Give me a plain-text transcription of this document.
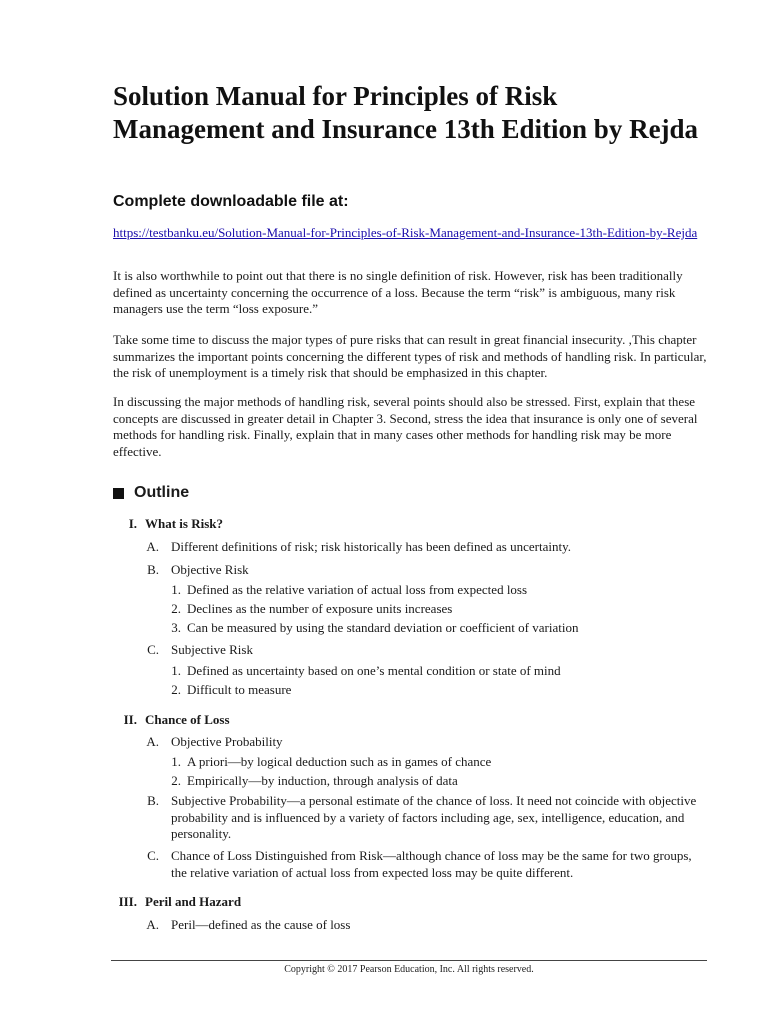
Solution Manual for Principles of Risk Management and Insurance 13th Edition by Rejda
Complete downloadable file at:
https://testbanku.eu/Solution-Manual-for-Principles-of-Risk-Management-and-Insurance-13th-Edition-by-Rejda

It is also worthwhile to point out that there is no single definition of risk. However, risk has been traditionally defined as uncertainty concerning the occurrence of a loss. Because the term “risk” is ambiguous, many risk managers use the term “loss exposure.”

Take some time to discuss the major types of pure risks that can result in great financial insecurity. ,This chapter summarizes the important points concerning the different types of risk and methods of handling risk. In particular, the risk of unemployment is a timely risk that should be emphasized in this chapter.

In discussing the major methods of handling risk, several points should also be stressed. First, explain that these concepts are discussed in greater detail in Chapter 3. Second, stress the idea that insurance is only one of several methods for handling risk. Finally, explain that in many cases other methods for handling risk may be more effective.

Outline
I. What is Risk?
A. Different definitions of risk; risk historically has been defined as uncertainty.
B. Objective Risk
1. Defined as the relative variation of actual loss from expected loss
2. Declines as the number of exposure units increases
3. Can be measured by using the standard deviation or coefficient of variation
C. Subjective Risk
1. Defined as uncertainty based on one’s mental condition or state of mind
2. Difficult to measure
II. Chance of Loss
A. Objective Probability
1. A priori—by logical deduction such as in games of chance
2. Empirically—by induction, through analysis of data
B. Subjective Probability—a personal estimate of the chance of loss. It need not coincide with objective probability and is influenced by a variety of factors including age, sex, intelligence, education, and personality.
C. Chance of Loss Distinguished from Risk—although chance of loss may be the same for two groups, the relative variation of actual loss from expected loss may be quite different.
III. Peril and Hazard
A. Peril—defined as the cause of loss
Copyright © 2017 Pearson Education, Inc. All rights reserved.
